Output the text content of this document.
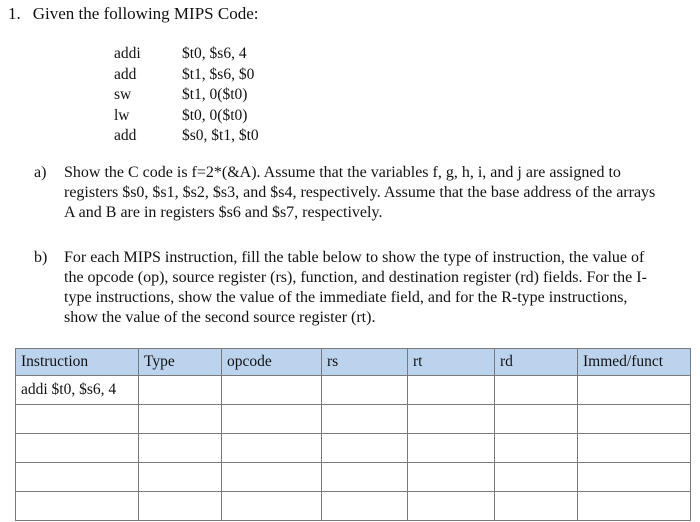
1. Given the following MIPS Code:
addi	$t0, $s6, 4
add	$t1, $s6, $0
sw	$t1, 0($t0)
lw	$t0, 0($t0)
add	$s0, $t1, $t0
a)	Show the C code is f=2*(&A). Assume that the variables f, g, h, i, and j are assigned to registers $s0, $s1, $s2, $s3, and $s4, respectively. Assume that the base address of the arrays A and B are in registers $s6 and $s7, respectively.
b)	For each MIPS instruction, fill the table below to show the type of instruction, the value of the opcode (op), source register (rs), function, and destination register (rd) fields. For the I-type instructions, show the value of the immediate field, and for the R-type instructions, show the value of the second source register (rt).
Instruction	Type	opcode	rs	rt	rd	Immed/funct
addi $t0, $s6, 4						
